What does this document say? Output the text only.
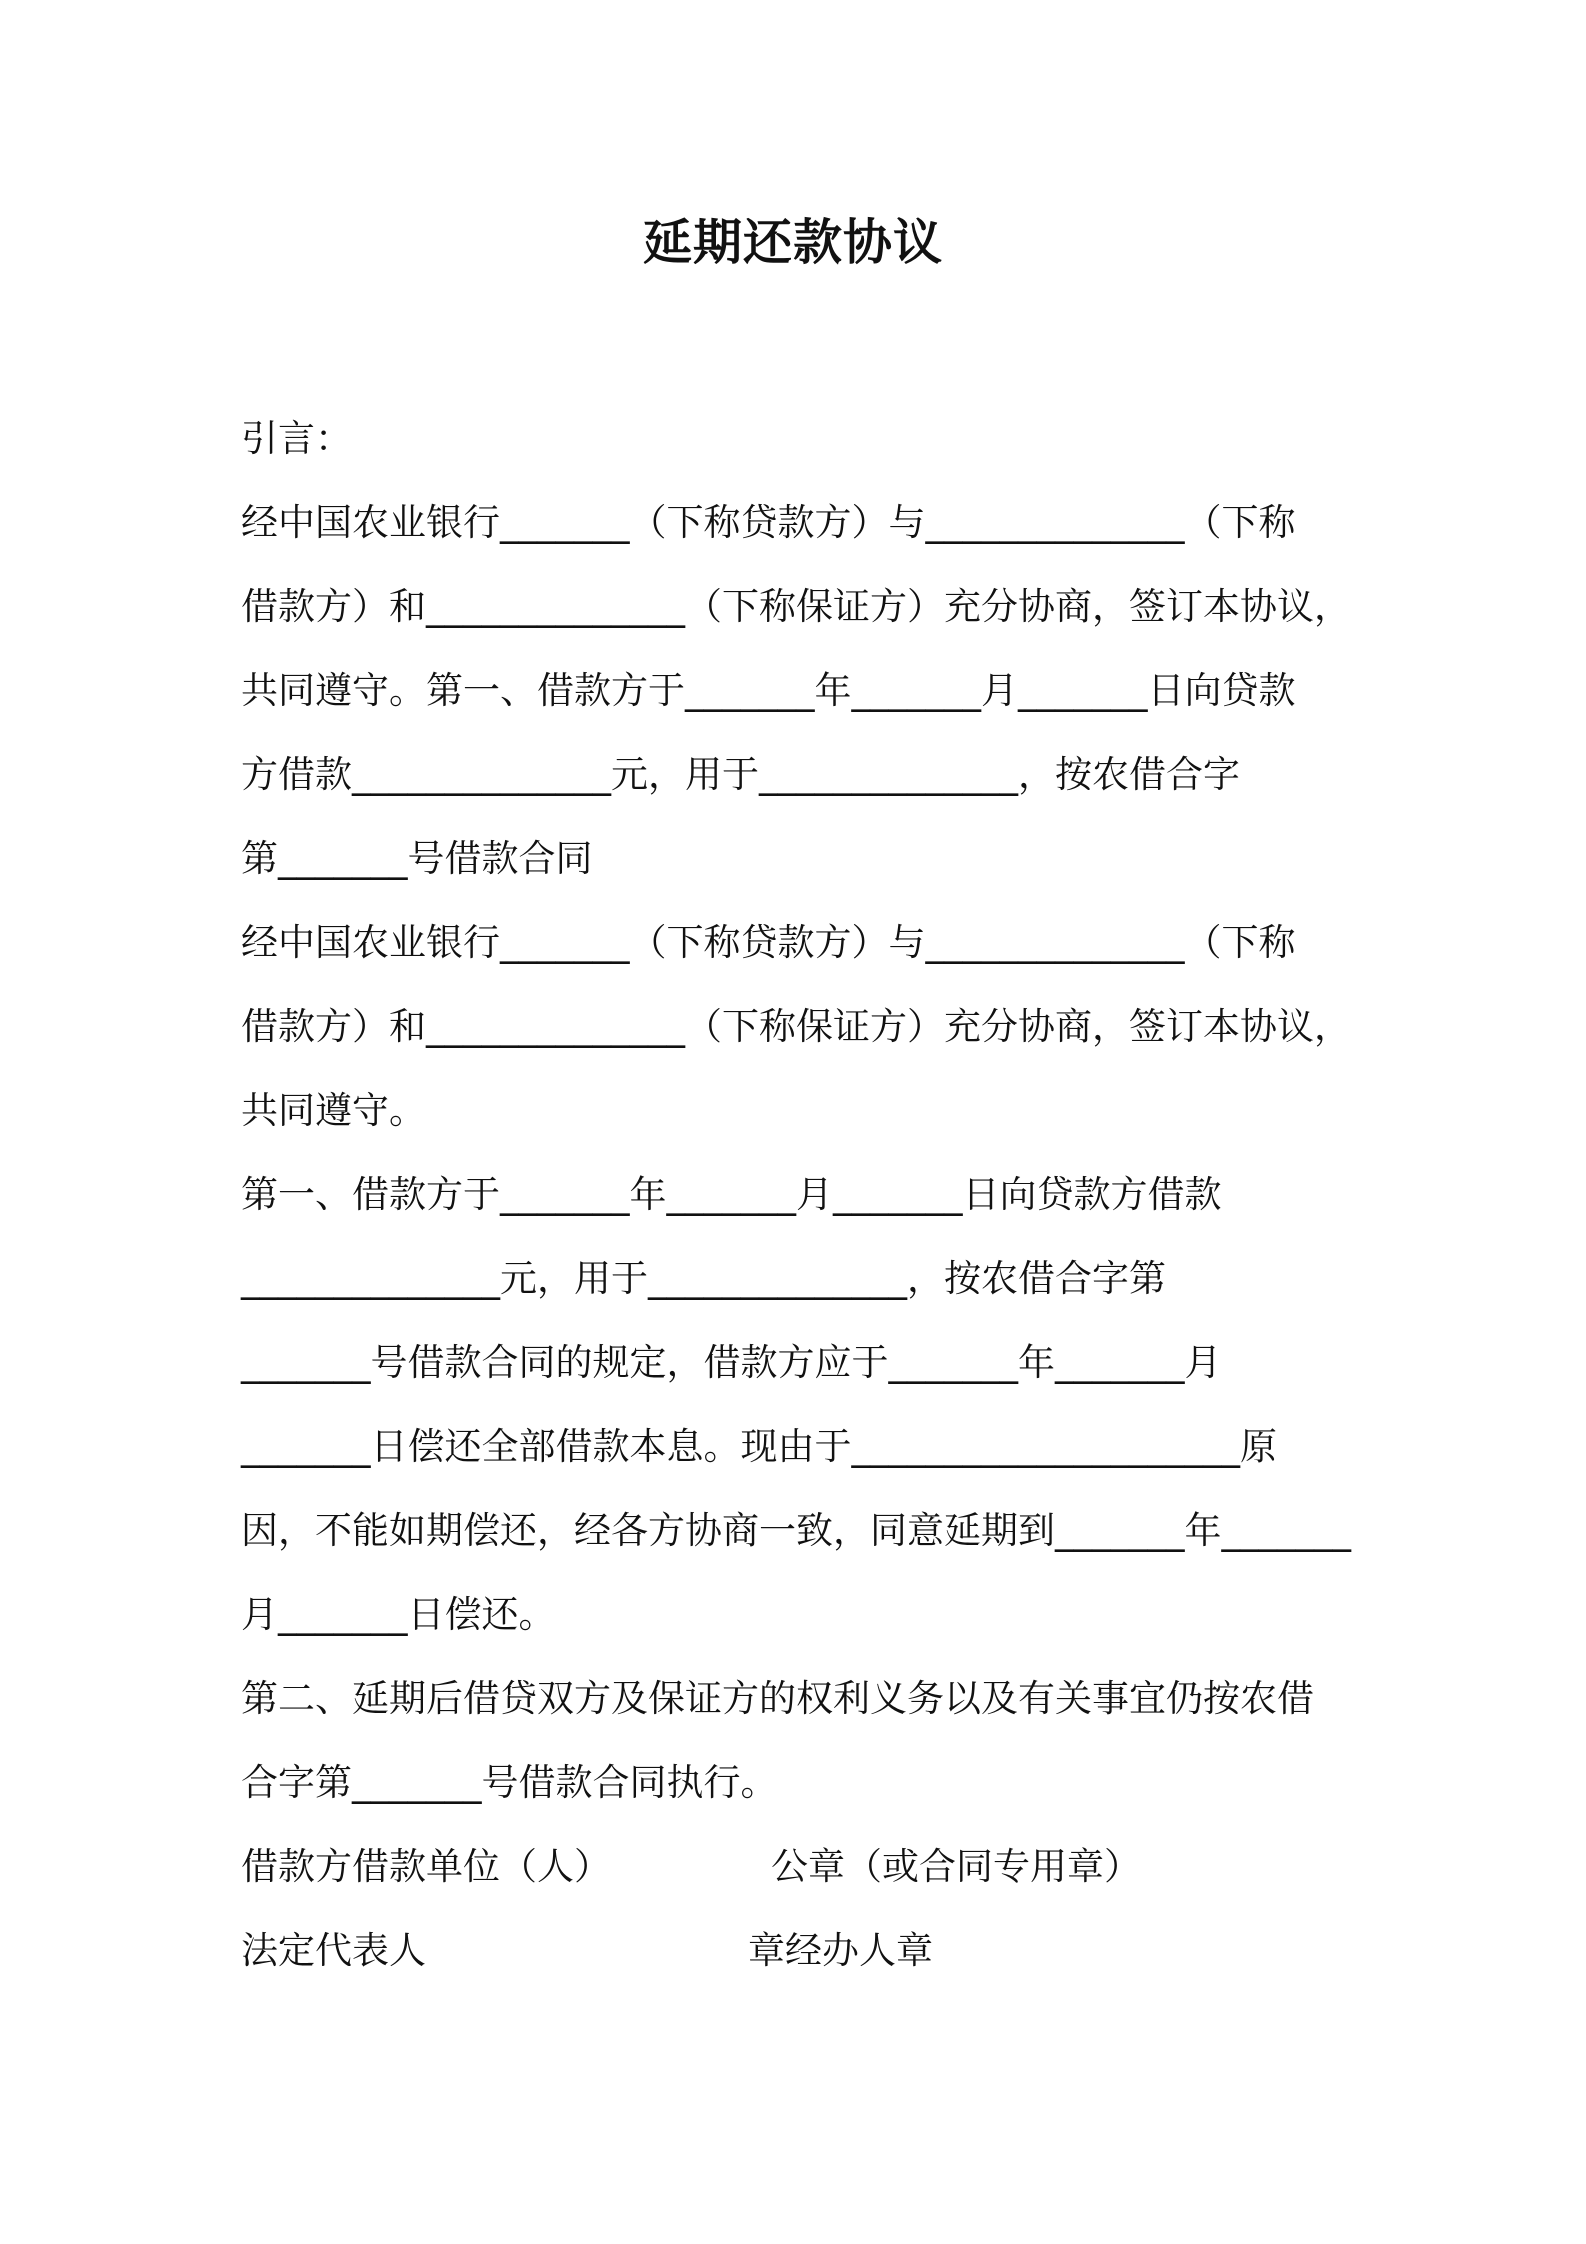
延期还款协议

引言：

经中国农业银行_______（下称贷款方）与______________（下称

借款方）和______________（下称保证方）充分协商，签订本协议，

共同遵守。第一、借款方于_______年_______月_______日向贷款

方借款______________元，用于______________，按农借合字

第_______号借款合同

经中国农业银行_______（下称贷款方）与______________（下称

借款方）和______________（下称保证方）充分协商，签订本协议，

共同遵守。

第一、借款方于_______年_______月_______日向贷款方借款

______________元，用于______________，按农借合字第

_______号借款合同的规定，借款方应于_______年_______月

_______日偿还全部借款本息。现由于_____________________原

因，不能如期偿还，经各方协商一致，同意延期到_______年_______

月_______日偿还。

第二、延期后借贷双方及保证方的权利义务以及有关事宜仍按农借

合字第_______号借款合同执行。

借款方借款单位（人）	公章（或合同专用章）

法定代表人	章经办人章
